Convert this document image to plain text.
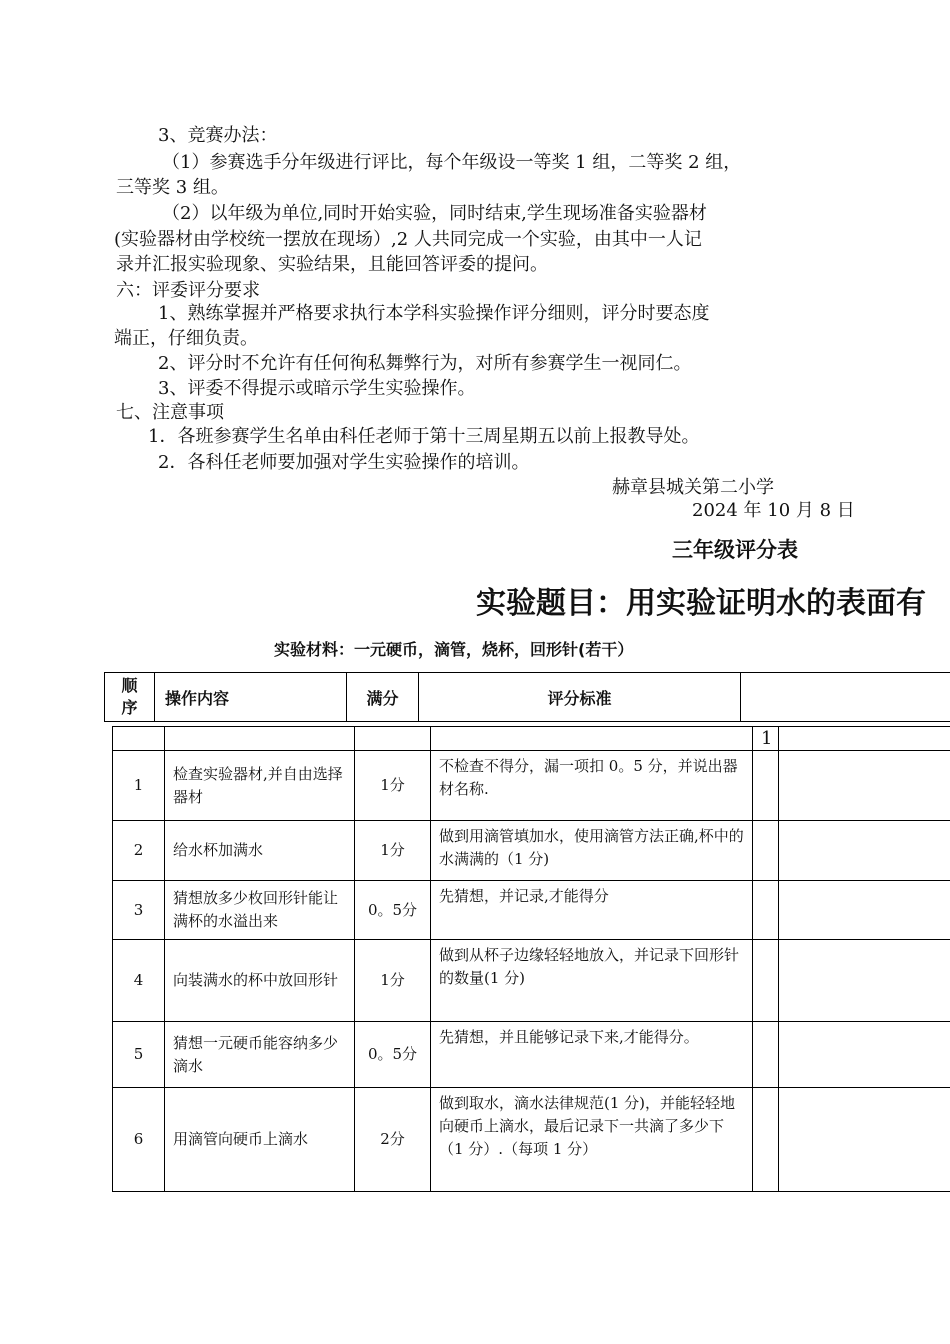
3、竞赛办法：
（1）参赛选手分年级进行评比，每个年级设一等奖 1 组，二等奖 2 组，
三等奖 3 组。
（2）以年级为单位,同时开始实验，同时结束,学生现场准备实验器材
(实验器材由学校统一摆放在现场）,2 人共同完成一个实验，由其中一人记
录并汇报实验现象、实验结果，且能回答评委的提问。
六：评委评分要求
1、熟练掌握并严格要求执行本学科实验操作评分细则，评分时要态度
端正，仔细负责。
2、评分时不允许有任何徇私舞弊行为，对所有参赛学生一视同仁。
3、评委不得提示或暗示学生实验操作。
七、注意事项
1．各班参赛学生名单由科任老师于第十三周星期五以前上报教导处。
2．各科任老师要加强对学生实验操作的培训。
赫章县城关第二小学
2024 年 10 月 8 日
三年级评分表
实验题目：用实验证明水的表面有
实验材料：一元硬币，滴管，烧杯，回形针(若干）
顺序	操作内容	满分	评分标准	
				1	
1	检查实验器材,并自由选择器材	1分	不检查不得分，漏一项扣 0。5 分，并说出器材名称.		
2	给水杯加满水	1分	做到用滴管填加水，使用滴管方法正确,杯中的水满满的（1 分)		
3	猜想放多少枚回形针能让满杯的水溢出来	0。5分	先猜想，并记录,才能得分		
4	向装满水的杯中放回形针	1分	做到从杯子边缘轻轻地放入，并记录下回形针的数量(1 分)		
5	猜想一元硬币能容纳多少滴水	0。5分	先猜想，并且能够记录下来,才能得分。		
6	用滴管向硬币上滴水	2分	做到取水，滴水法律规范(1 分)，并能轻轻地向硬币上滴水，最后记录下一共滴了多少下（1 分）.（每项 1 分）		
